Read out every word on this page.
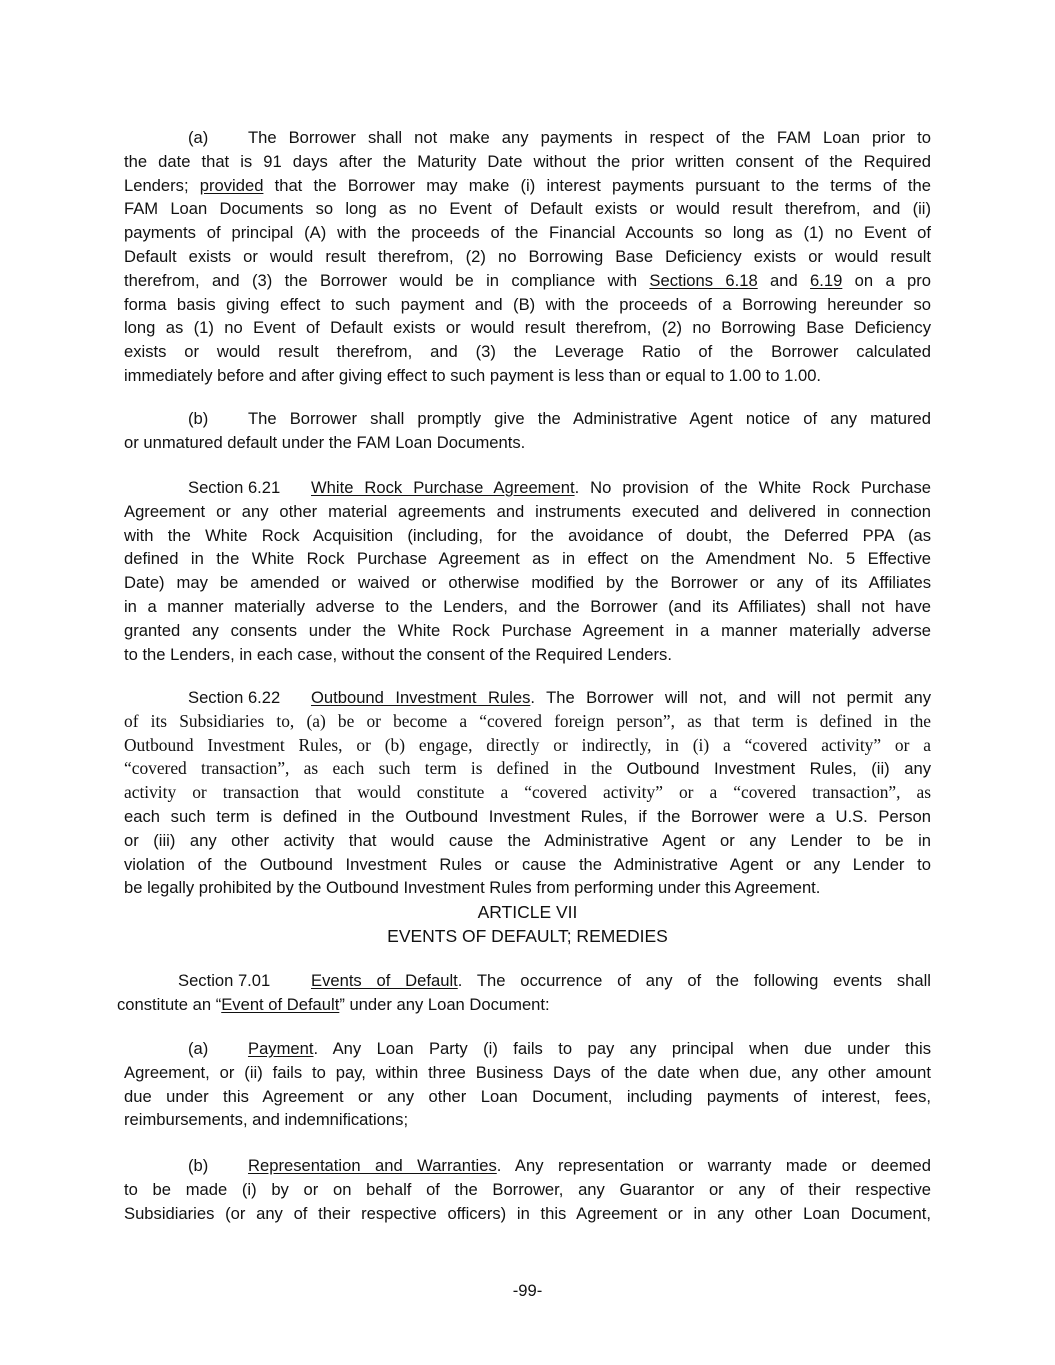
(a) The Borrower shall not make any payments in respect of the FAM Loan prior to
the date that is 91 days after the Maturity Date without the prior written consent of the Required
Lenders; provided that the Borrower may make (i) interest payments pursuant to the terms of the
FAM Loan Documents so long as no Event of Default exists or would result therefrom, and (ii)
payments of principal (A) with the proceeds of the Financial Accounts so long as (1) no Event of
Default exists or would result therefrom, (2) no Borrowing Base Deficiency exists or would result
therefrom, and (3) the Borrower would be in compliance with Sections 6.18 and 6.19 on a pro
forma basis giving effect to such payment and (B) with the proceeds of a Borrowing hereunder so
long as (1) no Event of Default exists or would result therefrom, (2) no Borrowing Base Deficiency
exists or would result therefrom, and (3) the Leverage Ratio of the Borrower calculated
immediately before and after giving effect to such payment is less than or equal to 1.00 to 1.00.
(b) The Borrower shall promptly give the Administrative Agent notice of any matured
or unmatured default under the FAM Loan Documents.
Section 6.21 White Rock Purchase Agreement. No provision of the White Rock Purchase
Agreement or any other material agreements and instruments executed and delivered in connection
with the White Rock Acquisition (including, for the avoidance of doubt, the Deferred PPA (as
defined in the White Rock Purchase Agreement as in effect on the Amendment No. 5 Effective
Date) may be amended or waived or otherwise modified by the Borrower or any of its Affiliates
in a manner materially adverse to the Lenders, and the Borrower (and its Affiliates) shall not have
granted any consents under the White Rock Purchase Agreement in a manner materially adverse
to the Lenders, in each case, without the consent of the Required Lenders.
Section 6.22 Outbound Investment Rules. The Borrower will not, and will not permit any
of its Subsidiaries to, (a) be or become a “covered foreign person”, as that term is defined in the
Outbound Investment Rules, or (b) engage, directly or indirectly, in (i) a “covered activity” or a
“covered transaction”, as each such term is defined in the Outbound Investment Rules, (ii) any
activity or transaction that would constitute a “covered activity” or a “covered transaction”, as
each such term is defined in the Outbound Investment Rules, if the Borrower were a U.S. Person
or (iii) any other activity that would cause the Administrative Agent or any Lender to be in
violation of the Outbound Investment Rules or cause the Administrative Agent or any Lender to
be legally prohibited by the Outbound Investment Rules from performing under this Agreement.
ARTICLE VII
EVENTS OF DEFAULT; REMEDIES
Section 7.01 Events of Default. The occurrence of any of the following events shall
constitute an “Event of Default” under any Loan Document:
(a) Payment. Any Loan Party (i) fails to pay any principal when due under this
Agreement, or (ii) fails to pay, within three Business Days of the date when due, any other amount
due under this Agreement or any other Loan Document, including payments of interest, fees,
reimbursements, and indemnifications;
(b) Representation and Warranties. Any representation or warranty made or deemed
to be made (i) by or on behalf of the Borrower, any Guarantor or any of their respective
Subsidiaries (or any of their respective officers) in this Agreement or in any other Loan Document,
-99-
